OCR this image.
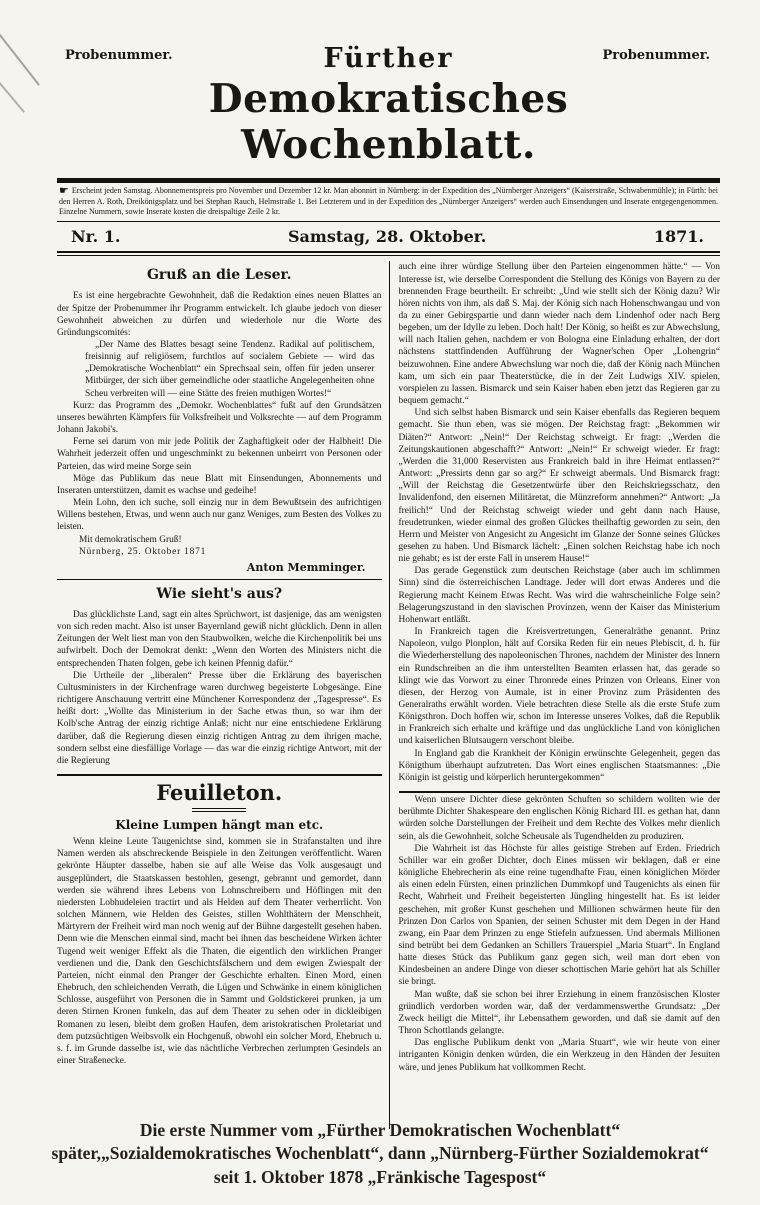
Probenummer.	Probenummer.
Fürther
Demokratisches Wochenblatt.
☛ Erscheint jeden Samstag. Abonnementspreis pro November und Dezember 12 kr. Man abonnirt in Nürnberg: in der Expedition des „Nürnberger Anzeigers“ (Kaiserstraße, Schwabenmühle); in Fürth: bei den Herren A. Roth, Dreikönigsplatz und bei Stephan Rauch, Helmstraße 1. Bei Letzterem und in der Expedition des „Nürnberger Anzeigers“ werden auch Einsendungen und Inserate entgegengenommen. Einzelne Nummern, sowie Inserate kosten die dreispaltige Zeile 2 kr.
Nr. 1.	Samstag, 28. Oktober.	1871.
Gruß an die Leser.

Es ist eine hergebrachte Gewohnheit, daß die Redaktion eines neuen Blattes an der Spitze der Probenummer ihr Programm entwickelt. Ich glaube jedoch von dieser Gewohnheit abweichen zu dürfen und wiederhole nur die Worte des Gründungscomités:

„Der Name des Blattes besagt seine Tendenz. Radikal auf politischem, freisinnig auf religiösem, furchtlos auf socialem Gebiete — wird das „Demokratische Wochenblatt“ ein Sprechsaal sein, offen für jeden unserer Mitbürger, der sich über gemeindliche oder staatliche Angelegenheiten ohne Scheu verbreiten will — eine Stätte des freien muthigen Wortes!“

Kurz: das Programm des „Demokr. Wochenblattes“ fußt auf den Grundsätzen unseres bewährten Kämpfers für Volksfreiheit und Volksrechte — auf dem Programm Johann Jakobi's.

Ferne sei darum von mir jede Politik der Zaghaftigkeit oder der Halbheit! Die Wahrheit jederzeit offen und ungeschminkt zu bekennen unbeirrt von Personen oder Parteien, das wird meine Sorge sein

Möge das Publikum das neue Blatt mit Einsendungen, Abonnements und Inseraten unterstützen, damit es wachse und gedeihe!

Mein Lohn, den ich suche, soll einzig nur in dem Bewußtsein des aufrichtigen Willens bestehen, Etwas, und wenn auch nur ganz Weniges, zum Besten des Volkes zu leisten.

Mit demokratischem Gruß!

Nürnberg, 25. Oktober 1871

Anton Memminger.
Wie sieht's aus?

Das glücklichste Land, sagt ein altes Sprüchwort, ist dasjenige, das am wenigsten von sich reden macht. Also ist unser Bayernland gewiß nicht glücklich. Denn in allen Zeitungen der Welt liest man von den Staubwolken, welche die Kirchenpolitik bei uns aufwirbelt. Doch der Demokrat denkt: „Wenn den Worten des Ministers nicht die entsprechenden Thaten folgen, gebe ich keinen Pfennig dafür.“

Die Urtheile der „liberalen“ Presse über die Erklärung des bayerischen Cultusministers in der Kirchenfrage waren durchweg begeisterte Lobgesänge. Eine richtigere Anschauung vertritt eine Münchener Korrespondenz der „Tagespresse“. Es heißt dort: „Wollte das Ministerium in der Sache etwas thun, so war ihm der Kolb'sche Antrag der einzig richtige Anlaß; nicht nur eine entschiedene Erklärung darüber, daß die Regierung diesen einzig richtigen Antrag zu dem ihrigen mache, sondern selbst eine diesfällige Vorlage — das war die einzig richtige Antwort, mit der die Regierung

Feuilleton.
Kleine Lumpen hängt man etc.

Wenn kleine Leute Taugenichtse sind, kommen sie in Strafanstalten und ihre Namen werden als abschreckende Beispiele in den Zeitungen veröffentlicht. Waren gekrönte Häupter dasselbe, haben sie auf alle Weise das Volk ausgesaugt und ausgeplündert, die Staatskassen bestohlen, gesengt, gebrannt und gemordet, dann werden sie während ihres Lebens von Lohnschreibern und Höflingen mit den niedersten Lobhudeleien tractirt und als Helden auf dem Theater verherrlicht. Von solchen Männern, wie Helden des Geistes, stillen Wohlthätern der Menschheit, Märtyrern der Freiheit wird man noch wenig auf der Bühne dargestellt gesehen haben. Denn wie die Menschen einmal sind, macht bei ihnen das bescheidene Wirken ächter Tugend weit weniger Effekt als die Thaten, die eigentlich den wirklichen Pranger verdienen und die, Dank den Geschichtsfälschern und dem ewigen Zwiespalt der Parteien, nicht einmal den Pranger der Geschichte erhalten. Einen Mord, einen Ehebruch, den schleichenden Verrath, die Lügen und Schwänke in einem königlichen Schlosse, ausgeführt von Personen die in Sammt und Goldstickerei prunken, ja um deren Stirnen Kronen funkeln, das auf dem Theater zu sehen oder in dickleibigen Romanen zu lesen, bleibt dem großen Haufen, dem aristokratischen Proletariat und dem putzsüchtigen Weibsvolk ein Hochgenuß, obwohl ein solcher Mord, Ehebruch u. s. f. im Grunde dasselbe ist, wie das nächtliche Verbrechen zerlumpten Gesindels an einer Straßenecke.

auch eine ihrer würdige Stellung über den Parteien eingenommen hätte.“ — Von Interesse ist, wie derselbe Correspondent die Stellung des Königs von Bayern zu der brennenden Frage beurtheilt. Er schreibt: „Und wie stellt sich der König dazu? Wir hören nichts von ihm, als daß S. Maj. der König sich nach Hohenschwangau und von da zu einer Gebirgspartie und dann wieder nach dem Lindenhof oder nach Berg begeben, um der Idylle zu leben. Doch halt! Der König, so heißt es zur Abwechslung, will nach Italien gehen, nachdem er von Bologna eine Einladung erhalten, der dort nächstens stattfindenden Aufführung der Wagner'schen Oper „Lohengrin“ beizuwohnen. Eine andere Abwechslung war noch die, daß der König nach München kam, um sich ein paar Theaterstücke, die in der Zeit Ludwigs XIV. spielen, vorspielen zu lassen. Bismarck und sein Kaiser haben eben jetzt das Regieren gar zu bequem gemacht.“

Und sich selbst haben Bismarck und sein Kaiser ebenfalls das Regieren bequem gemacht. Sie thun eben, was sie mögen. Der Reichstag fragt: „Bekommen wir Diäten?“ Antwort: „Nein!“ Der Reichstag schweigt. Er fragt: „Werden die Zeitungskautionen abgeschafft?“ Antwort: „Nein!“ Er schweigt wieder. Er fragt: „Werden die 31,000 Reservisten aus Frankreich bald in ihre Heimat entlassen?“ Antwort: „Pressirts denn gar so arg?“ Er schweigt abermals. Und Bismarck fragt: „Will der Reichstag die Gesetzentwürfe über den Reichskriegsschatz, den Invalidenfond, den eisernen Militäretat, die Münzreform annehmen?“ Antwort: „Ja freilich!“ Und der Reichstag schweigt wieder und geht dann nach Hause, freudetrunken, wieder einmal des großen Glückes theilhaftig geworden zu sein, den Herrn und Meister von Angesicht zu Angesicht im Glanze der Sonne seines Glückes gesehen zu haben. Und Bismarck lächelt: „Einen solchen Reichstag habe ich noch nie gehabt; es ist der erste Fall in unserem Hause!“

Das gerade Gegenstück zum deutschen Reichstage (aber auch im schlimmen Sinn) sind die österreichischen Landtage. Jeder will dort etwas Anderes und die Regierung macht Keinem Etwas Recht. Was wird die wahrscheinliche Folge sein? Belagerungszustand in den slavischen Provinzen, wenn der Kaiser das Ministerium Hohenwart entläßt.

In Frankreich tagen die Kreisvertretungen, Generalräthe genannt. Prinz Napoleon, vulgo Plonplon, hält auf Corsika Reden für ein neues Plebiscit, d. h. für die Wiederherstellung des napoleonischen Thrones, nachdem der Minister des Innern ein Rundschreiben an die ihm unterstellten Beamten erlassen hat, das gerade so klingt wie das Vorwort zu einer Thronrede eines Prinzen von Orleans. Einer von diesen, der Herzog von Aumale, ist in einer Provinz zum Präsidenten des Generalraths erwählt worden. Viele betrachten diese Stelle als die erste Stufe zum Königsthron. Doch hoffen wir, schon im Interesse unseres Volkes, daß die Republik in Frankreich sich erhalte und kräftige und das unglückliche Land von königlichen und kaiserlichen Blutsaugern verschont bleibe.

In England gab die Krankheit der Königin erwünschte Gelegenheit, gegen das Königthum überhaupt aufzutreten. Das Wort eines englischen Staatsmannes: „Die Königin ist geistig und körperlich heruntergekommen“

Wenn unsere Dichter diese gekrönten Schuften so schildern wollten wie der berühmte Dichter Shakespeare den englischen König Richard III. es gethan hat, dann würden solche Darstellungen der Freiheit und dem Rechte des Volkes mehr dienlich sein, als die Gewohnheit, solche Scheusale als Tugendhelden zu produziren.

Die Wahrheit ist das Höchste für alles geistige Streben auf Erden. Friedrich Schiller war ein großer Dichter, doch Eines müssen wir beklagen, daß er eine königliche Ehebrecherin als eine reine tugendhafte Frau, einen königlichen Mörder als einen edeln Fürsten, einen prinzlichen Dummkopf und Taugenichts als einen für Recht, Wahrheit und Freiheit begeisterten Jüngling hingestellt hat. Es ist leider geschehen, mit großer Kunst geschehen und Millionen schwärmen heute für den Prinzen Don Carlos von Spanien, der seinen Schuster mit dem Degen in der Hand zwang, ein Paar dem Prinzen zu enge Stiefeln aufzuessen. Und abermals Millionen sind betrübt bei dem Gedanken an Schillers Trauerspiel „Maria Stuart“. In England hatte dieses Stück das Publikum ganz gegen sich, weil man dort eben von Kindesbeinen an andere Dinge von dieser schottischen Marie gehört hat als Schiller sie bringt.

Man wußte, daß sie schon bei ihrer Erziehung in einem französischen Kloster gründlich verdorben worden war, daß der verdammenswerthe Grundsatz: „Der Zweck heiligt die Mittel“, ihr Lebensathem geworden, und daß sie damit auf den Thron Schottlands gelangte.

Das englische Publikum denkt von „Maria Stuart“, wie wir heute von einer intriganten Königin denken würden, die ein Werkzeug in den Händen der Jesuiten wäre, und jenes Publikum hat vollkommen Recht.

Die erste Nummer vom „Fürther Demokratischen Wochenblatt“
später,„Sozialdemokratisches Wochenblatt“, dann „Nürnberg-Fürther Sozialdemokrat“
seit 1. Oktober 1878 „Fränkische Tagespost“
